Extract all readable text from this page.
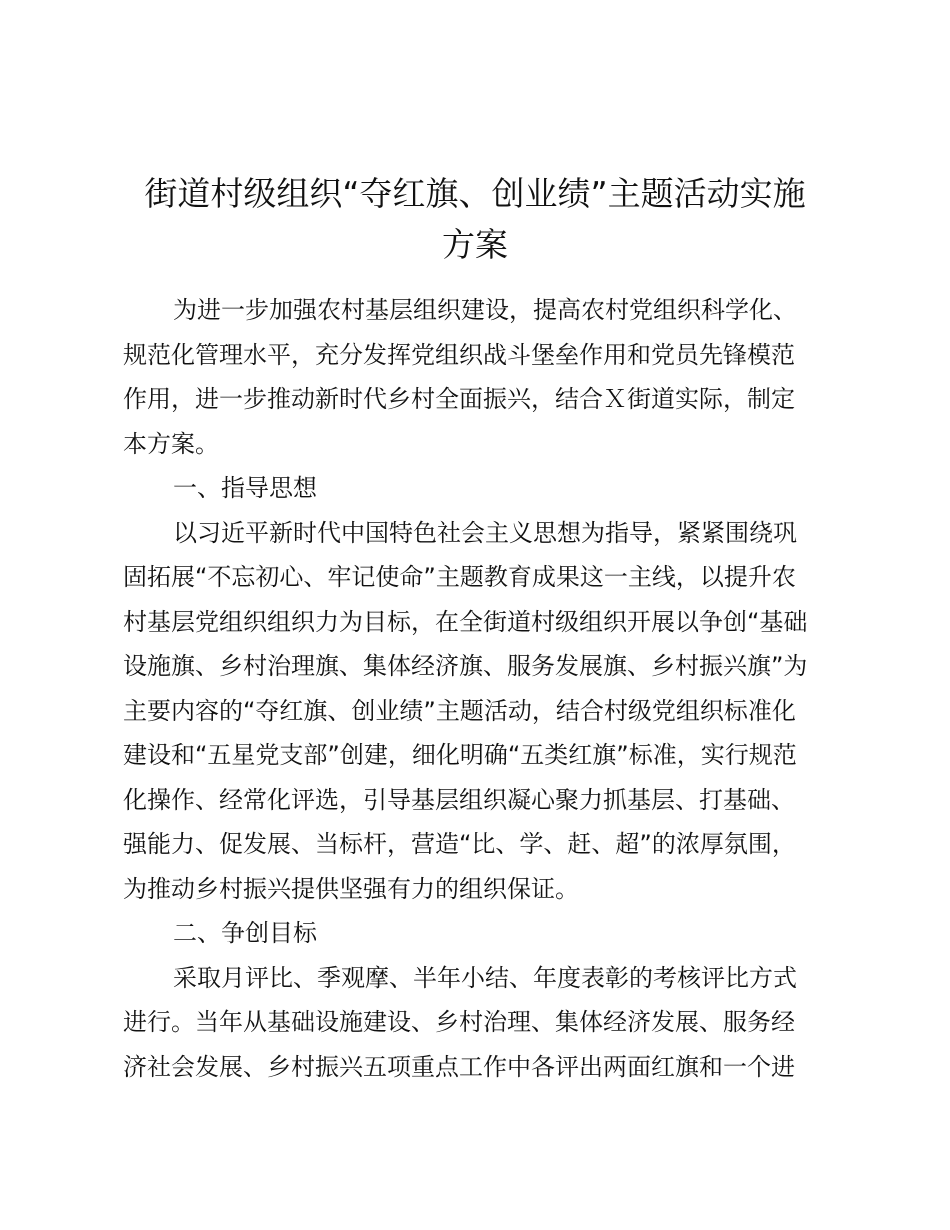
街道村级组织“夺红旗、创业绩”主题活动实施
方案
为进一步加强农村基层组织建设，提高农村党组织科学化、
规范化管理水平，充分发挥党组织战斗堡垒作用和党员先锋模范
作用，进一步推动新时代乡村全面振兴，结合Ｘ街道实际，制定
本方案。
一、指导思想
以习近平新时代中国特色社会主义思想为指导，紧紧围绕巩
固拓展“不忘初心、牢记使命”主题教育成果这一主线，以提升农
村基层党组织组织力为目标，在全街道村级组织开展以争创“基础
设施旗、乡村治理旗、集体经济旗、服务发展旗、乡村振兴旗”为
主要内容的“夺红旗、创业绩”主题活动，结合村级党组织标准化
建设和“五星党支部”创建，细化明确“五类红旗”标准，实行规范
化操作、经常化评选，引导基层组织凝心聚力抓基层、打基础、
强能力、促发展、当标杆，营造“比、学、赶、超”的浓厚氛围，
为推动乡村振兴提供坚强有力的组织保证。
二、争创目标
采取月评比、季观摩、半年小结、年度表彰的考核评比方式
进行。当年从基础设施建设、乡村治理、集体经济发展、服务经
济社会发展、乡村振兴五项重点工作中各评出两面红旗和一个进
